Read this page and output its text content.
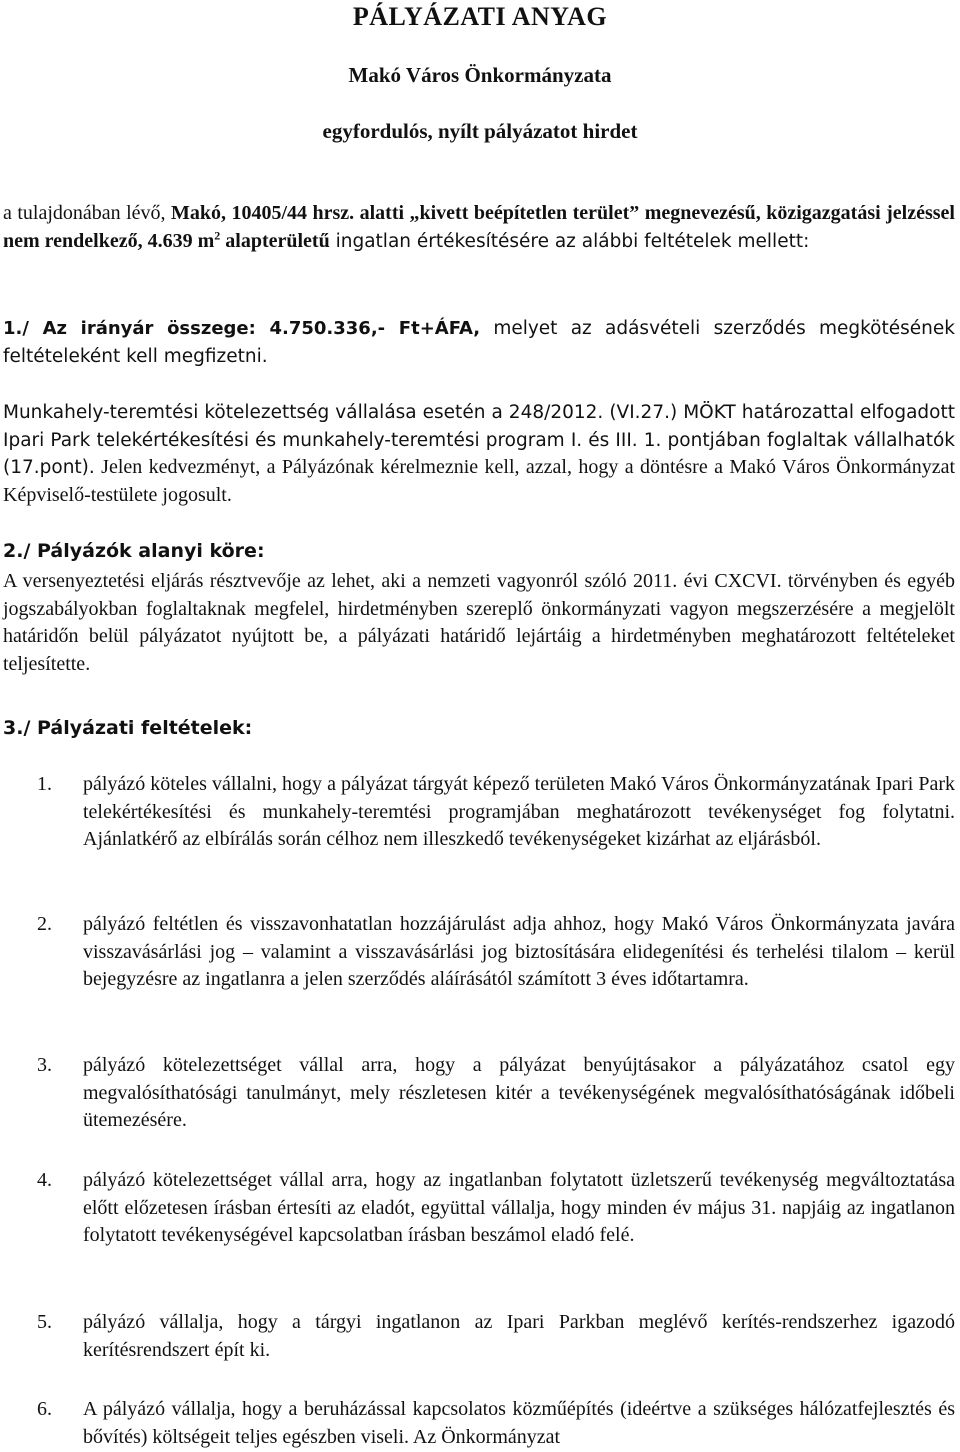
PÁLYÁZATI ANYAG
Makó Város Önkormányzata
egyfordulós, nyílt pályázatot hirdet

a tulajdonában lévő, Makó, 10405/44 hrsz. alatti „kivett beépítetlen terület” megnevezésű, közigazgatási jelzéssel nem rendelkező, 4.639 $m^2$ alapterületű ingatlan értékesítésére az alábbi feltételek mellett:

1./ Az irányár összege: 4.750.336,- Ft+ÁFA, melyet az adásvételi szerződés megkötésének feltételeként kell megfizetni.

Munkahely-teremtési kötelezettség vállalása esetén a 248/2012. (VI.27.) MÖKT határozattal elfogadott Ipari Park telekértékesítési és munkahely-teremtési program I. és III. 1. pontjában foglaltak vállalhatók (17.pont). Jelen kedvezményt, a Pályázónak kérelmeznie kell, azzal, hogy a döntésre a Makó Város Önkormányzat Képviselő-testülete jogosult.

2./ Pályázók alanyi köre:

A versenyeztetési eljárás résztvevője az lehet, aki a nemzeti vagyonról szóló 2011. évi CXCVI. törvényben és egyéb jogszabályokban foglaltaknak megfelel, hirdetményben szereplő önkormányzati vagyon megszerzésére a megjelölt határidőn belül pályázatot nyújtott be, a pályázati határidő lejártáig a hirdetményben meghatározott feltételeket teljesítette.

3./ Pályázati feltételek:
1. pályázó köteles vállalni, hogy a pályázat tárgyát képező területen Makó Város Önkormányzatának Ipari Park telekértékesítési és munkahely-teremtési programjában meghatározott tevékenységet fog folytatni. Ajánlatkérő az elbírálás során célhoz nem illeszkedő tevékenységeket kizárhat az eljárásból.
2. pályázó feltétlen és visszavonhatatlan hozzájárulást adja ahhoz, hogy Makó Város Önkormányzata javára visszavásárlási jog – valamint a visszavásárlási jog biztosítására elidegenítési és terhelési tilalom – kerül bejegyzésre az ingatlanra a jelen szerződés aláírásától számított 3 éves időtartamra.
3. pályázó kötelezettséget vállal arra, hogy a pályázat benyújtásakor a pályázatához csatol egy megvalósíthatósági tanulmányt, mely részletesen kitér a tevékenységének megvalósíthatóságának időbeli ütemezésére.
4. pályázó kötelezettséget vállal arra, hogy az ingatlanban folytatott üzletszerű tevékenység megváltoztatása előtt előzetesen írásban értesíti az eladót, együttal vállalja, hogy minden év május 31. napjáig az ingatlanon folytatott tevékenységével kapcsolatban írásban beszámol eladó felé.
5. pályázó vállalja, hogy a tárgyi ingatlanon az Ipari Parkban meglévő kerítés-rendszerhez igazodó kerítésrendszert épít ki.
6. A pályázó vállalja, hogy a beruházással kapcsolatos közműépítés (ideértve a szükséges hálózatfejlesztés és bővítés) költségeit teljes egészben viseli. Az Önkormányzat
